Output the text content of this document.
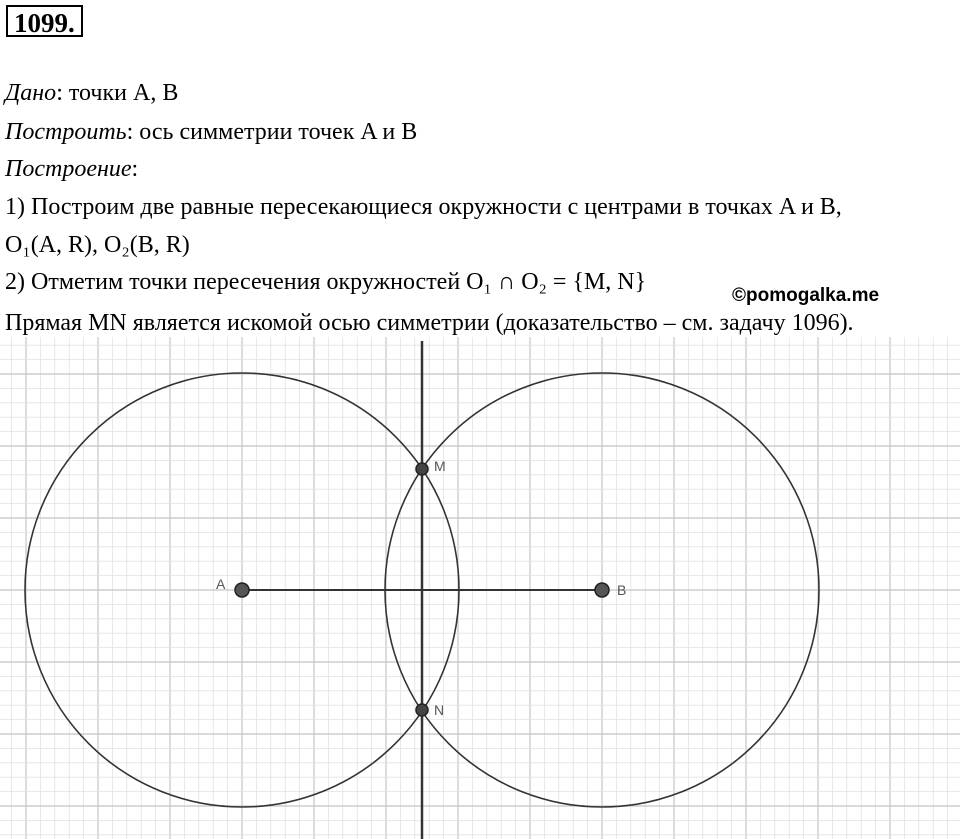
1099.
Дано: точки A, B
Построить: ось симметрии точек A и B
Построение:
1) Построим две равные пересекающиеся окружности с центрами в точках A и B,
O₁(A, R), O₂(B, R)
2) Отметим точки пересечения окружностей O₁ ∩ O₂ = {M, N}
Прямая MN является искомой осью симметрии (доказательство – см. задачу 1096).
©pomogalka.me
A	B
M
N
